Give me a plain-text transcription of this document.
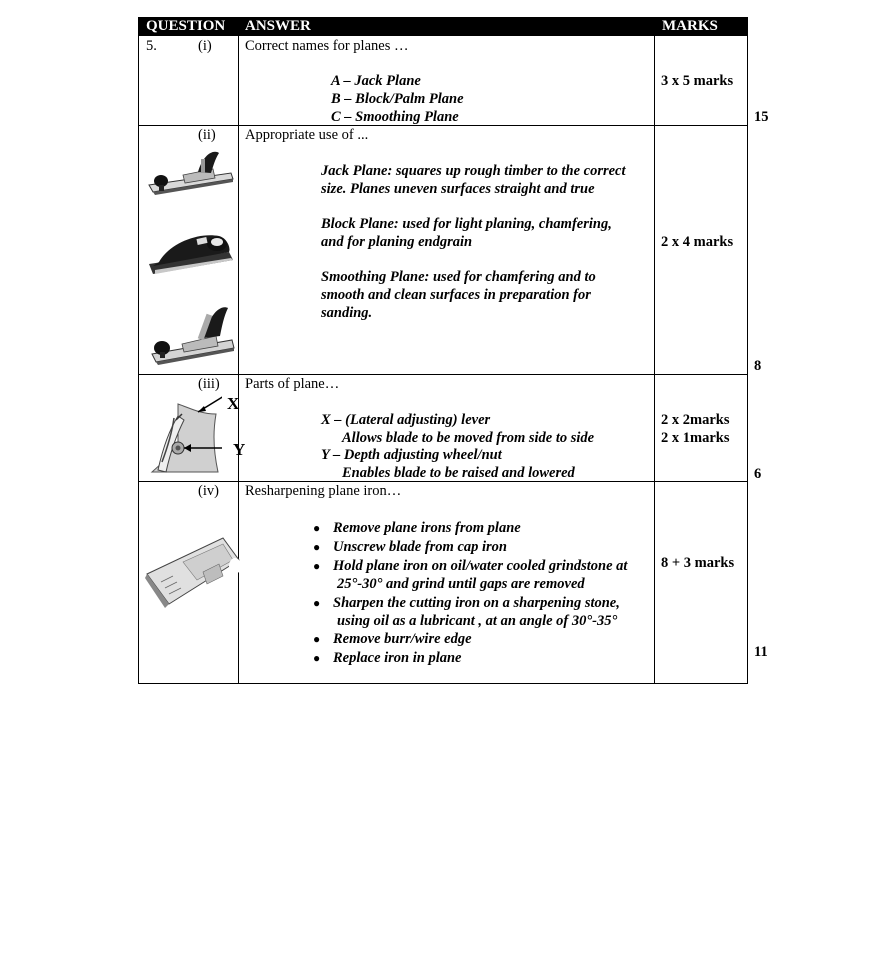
QUESTION ANSWER	MARKS
5.	(i) Correct names for planes …
A – Jack Plane
B – Block/Palm Plane
C – Smoothing Plane
3 x 5 marks
15
(ii) Appropriate use of ...
Jack Plane: squares up rough timber to the correct
size. Planes uneven surfaces straight and true
Block Plane: used for light planing, chamfering,
and for planing endgrain
Smoothing Plane: used for chamfering and to
smooth and clean surfaces in preparation for
sanding.
2 x 4 marks
8
(iii) Parts of plane…
X – (Lateral adjusting) lever
Allows blade to be moved from side to side
Y – Depth adjusting wheel/nut
Enables blade to be raised and lowered
2 x 2marks
2 x 1marks
6
X
Y
(iv) Resharpening plane iron…
● Remove plane irons from plane
● Unscrew blade from cap iron
● Hold plane iron on oil/water cooled grindstone at
25°-30° and grind until gaps are removed
● Sharpen the cutting iron on a sharpening stone,
using oil as a lubricant , at an angle of 30°-35°
● Remove burr/wire edge
● Replace iron in plane
8 + 3 marks
11
